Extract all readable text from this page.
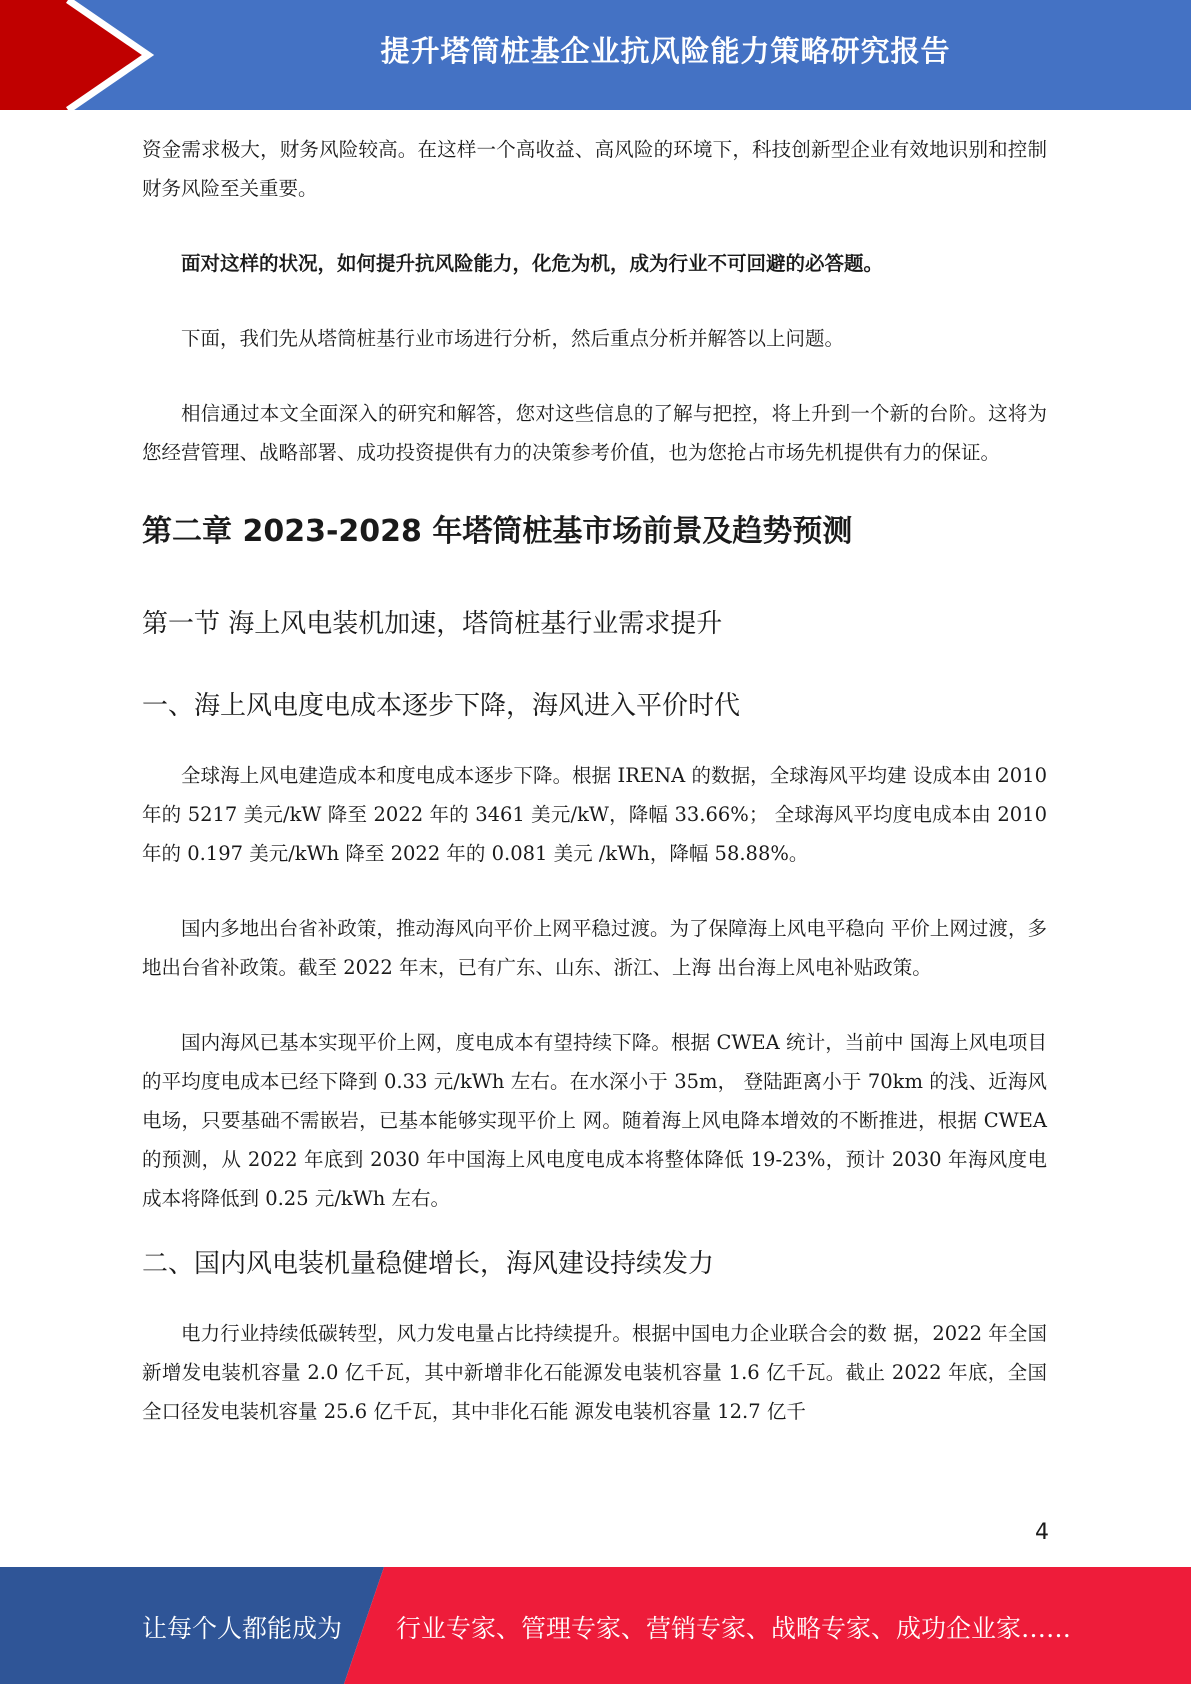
提升塔筒桩基企业抗风险能力策略研究报告

资金需求极大，财务风险较高。在这样一个高收益、高风险的环境下，科技创新型企业有效地识别和控制财务风险至关重要。

面对这样的状况，如何提升抗风险能力，化危为机，成为行业不可回避的必答题。

下面，我们先从塔筒桩基行业市场进行分析，然后重点分析并解答以上问题。

相信通过本文全面深入的研究和解答，您对这些信息的了解与把控，将上升到一个新的台阶。这将为您经营管理、战略部署、成功投资提供有力的决策参考价值，也为您抢占市场先机提供有力的保证。

第二章 2023-2028 年塔筒桩基市场前景及趋势预测
第一节 海上风电装机加速，塔筒桩基行业需求提升
一、海上风电度电成本逐步下降，海风进入平价时代

全球海上风电建造成本和度电成本逐步下降。根据 IRENA 的数据，全球海风平均建 设成本由 2010 年的 5217 美元/kW 降至 2022 年的 3461 美元/kW，降幅 33.66%； 全球海风平均度电成本由 2010 年的 0.197 美元/kWh 降至 2022 年的 0.081 美元 /kWh，降幅 58.88%。

国内多地出台省补政策，推动海风向平价上网平稳过渡。为了保障海上风电平稳向 平价上网过渡，多地出台省补政策。截至 2022 年末，已有广东、山东、浙江、上海 出台海上风电补贴政策。

国内海风已基本实现平价上网，度电成本有望持续下降。根据 CWEA 统计，当前中 国海上风电项目的平均度电成本已经下降到 0.33 元/kWh 左右。在水深小于 35m， 登陆距离小于 70km 的浅、近海风电场，只要基础不需嵌岩，已基本能够实现平价上 网。随着海上风电降本增效的不断推进，根据 CWEA 的预测，从 2022 年底到 2030 年中国海上风电度电成本将整体降低 19-23%，预计 2030 年海风度电成本将降低到 0.25 元/kWh 左右。

二、国内风电装机量稳健增长，海风建设持续发力

电力行业持续低碳转型，风力发电量占比持续提升。根据中国电力企业联合会的数 据，2022 年全国新增发电装机容量 2.0 亿千瓦，其中新增非化石能源发电装机容量 1.6 亿千瓦。截止 2022 年底，全国全口径发电装机容量 25.6 亿千瓦，其中非化石能 源发电装机容量 12.7 亿千

4
让每个人都能成为 行业专家、管理专家、营销专家、战略专家、成功企业家……
